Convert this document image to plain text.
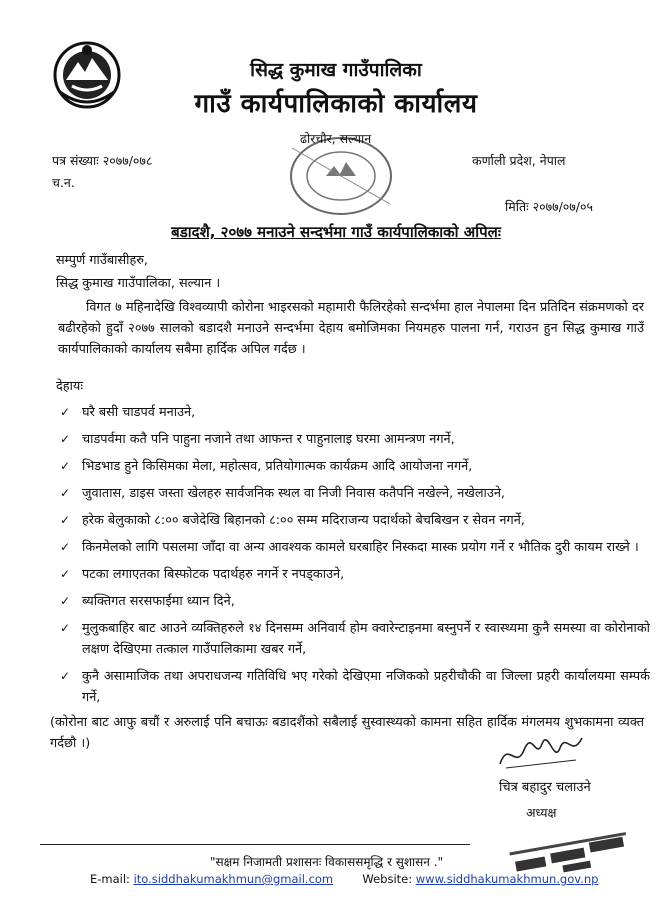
सिद्ध कुमाख गाउँपालिका
गाउँ कार्यपालिकाको कार्यालय
ढोरचौर, सल्यान
पत्र संख्याः २०७७/०७८
च.न.
कर्णाली प्रदेश, नेपाल
मितिः २०७७/०७/०५
बडादशै, २०७७ मनाउने सन्दर्भमा गाउँ कार्यपालिकाको अपिलः
सम्पुर्ण गाउँबासीहरु,
सिद्ध कुमाख गाउँपालिका, सल्यान ।
विगत ७ महिनादेखि विश्वव्यापी कोरोना भाइरसको महामारी फैलिरहेको सन्दर्भमा हाल नेपालमा दिन प्रतिदिन संक्रमणको दर बढीरहेको हुदाँ २०७७ सालको बडादशै मनाउने सन्दर्भमा देहाय बमोजिमका नियमहरु पालना गर्न, गराउन हुन सिद्ध कुमाख गाउँ कार्यपालिकाको कार्यालय सबैमा हार्दिक अपिल गर्दछ ।
देहायः
✓ घरै बसी चाडपर्व मनाउने,
✓ चाडपर्वमा कतै पनि पाहुना नजाने तथा आफन्त र पाहुनालाइ घरमा आमन्त्रण नगर्ने,
✓ भिडभाड हुने किसिमका मेला, महोत्सव, प्रतियोगात्मक कार्यक्रम आदि आयोजना नगर्ने,
✓ जुवातास, डाइस जस्ता खेलहरु सार्वजनिक स्थल वा निजी निवास कतैपनि नखेल्ने, नखेलाउने,
✓ हरेक बेलुकाको ८:०० बजेदेखि बिहानको ८:०० सम्म मदिराजन्य पदार्थको बेचबिखन र सेवन नगर्ने,
✓ किनमेलको लागि पसलमा जाँदा वा अन्य आवश्यक कामले घरबाहिर निस्कदा मास्क प्रयोग गर्ने र भौतिक दुरी कायम राख्ने ।
✓ पटका लगाएतका बिस्फोटक पदार्थहरु नगर्ने र नपड्काउने,
✓ ब्यक्तिगत सरसफाईमा ध्यान दिने,
✓ मुलुकबाहिर बाट आउने व्यक्तिहरुले १४ दिनसम्म अनिवार्य होम क्वारेन्टाइनमा बस्नुपर्ने र स्वास्थ्यमा कुनै समस्या वा कोरोनाको लक्षण देखिएमा तत्काल गाउँपालिकामा खबर गर्ने,
✓ कुनै असामाजिक तथा अपराधजन्य गतिविधि भए गरेको देखिएमा नजिकको प्रहरीचौकी वा जिल्ला प्रहरी कार्यालयमा सम्पर्क गर्ने,
(कोरोना बाट आफु बचौं र अरुलाई पनि बचाऊः बडादशैंको सबैलाई सुस्वास्थ्यको कामना सहित हार्दिक मंगलमय शुभकामना व्यक्त गर्दछौ ।)
चित्र बहादुर चलाउने
अध्यक्ष
"सक्षम निजामती प्रशासनः विकाससमृद्धि र सुशासन ."
E-mail: ito.siddhakumakhmun@gmail.com	Website: www.siddhakumakhmun.gov.np
